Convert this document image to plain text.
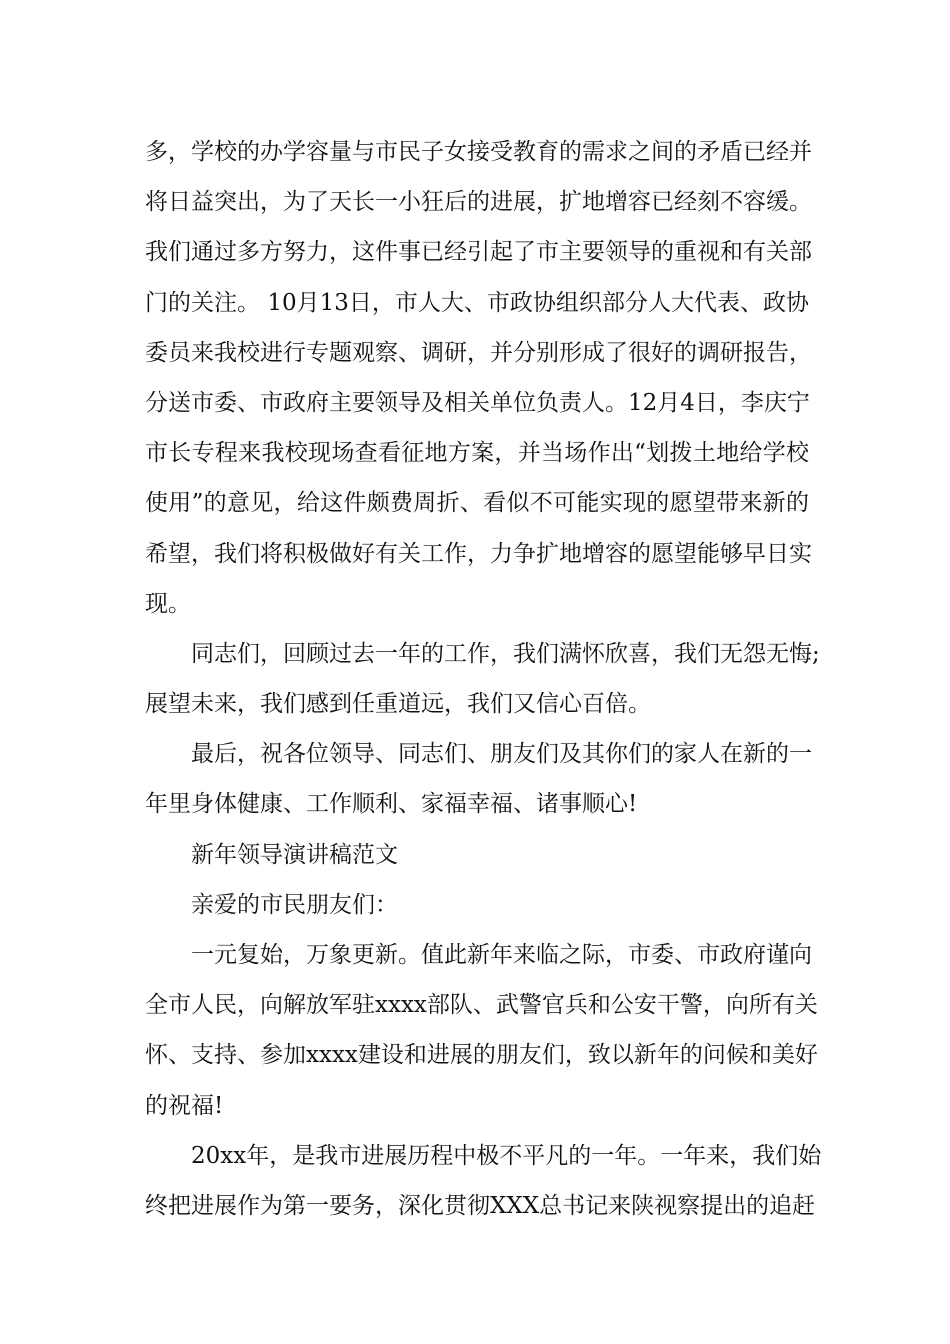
多，学校的办学容量与市民子女接受教育的需求之间的矛盾已经并
将日益突出，为了天长一小狂后的进展，扩地增容已经刻不容缓。
我们通过多方努力，这件事已经引起了市主要领导的重视和有关部
门的关注。 10月13日，市人大、市政协组织部分人大代表、政协
委员来我校进行专题观察、调研，并分别形成了很好的调研报告，
分送市委、市政府主要领导及相关单位负责人。12月4日，李庆宁
市长专程来我校现场查看征地方案，并当场作出“划拨土地给学校
使用”的意见，给这件颇费周折、看似不可能实现的愿望带来新的
希望，我们将积极做好有关工作，力争扩地增容的愿望能够早日实
现。
同志们，回顾过去一年的工作，我们满怀欣喜，我们无怨无悔;
展望未来，我们感到任重道远，我们又信心百倍。
最后，祝各位领导、同志们、朋友们及其你们的家人在新的一
年里身体健康、工作顺利、家福幸福、诸事顺心!
新年领导演讲稿范文
亲爱的市民朋友们：
一元复始，万象更新。值此新年来临之际，市委、市政府谨向
全市人民，向解放军驻xxxx部队、武警官兵和公安干警，向所有关
怀、支持、参加xxxx建设和进展的朋友们，致以新年的问候和美好
的祝福!
20xx年，是我市进展历程中极不平凡的一年。一年来，我们始
终把进展作为第一要务，深化贯彻XXX总书记来陕视察提出的追赶
